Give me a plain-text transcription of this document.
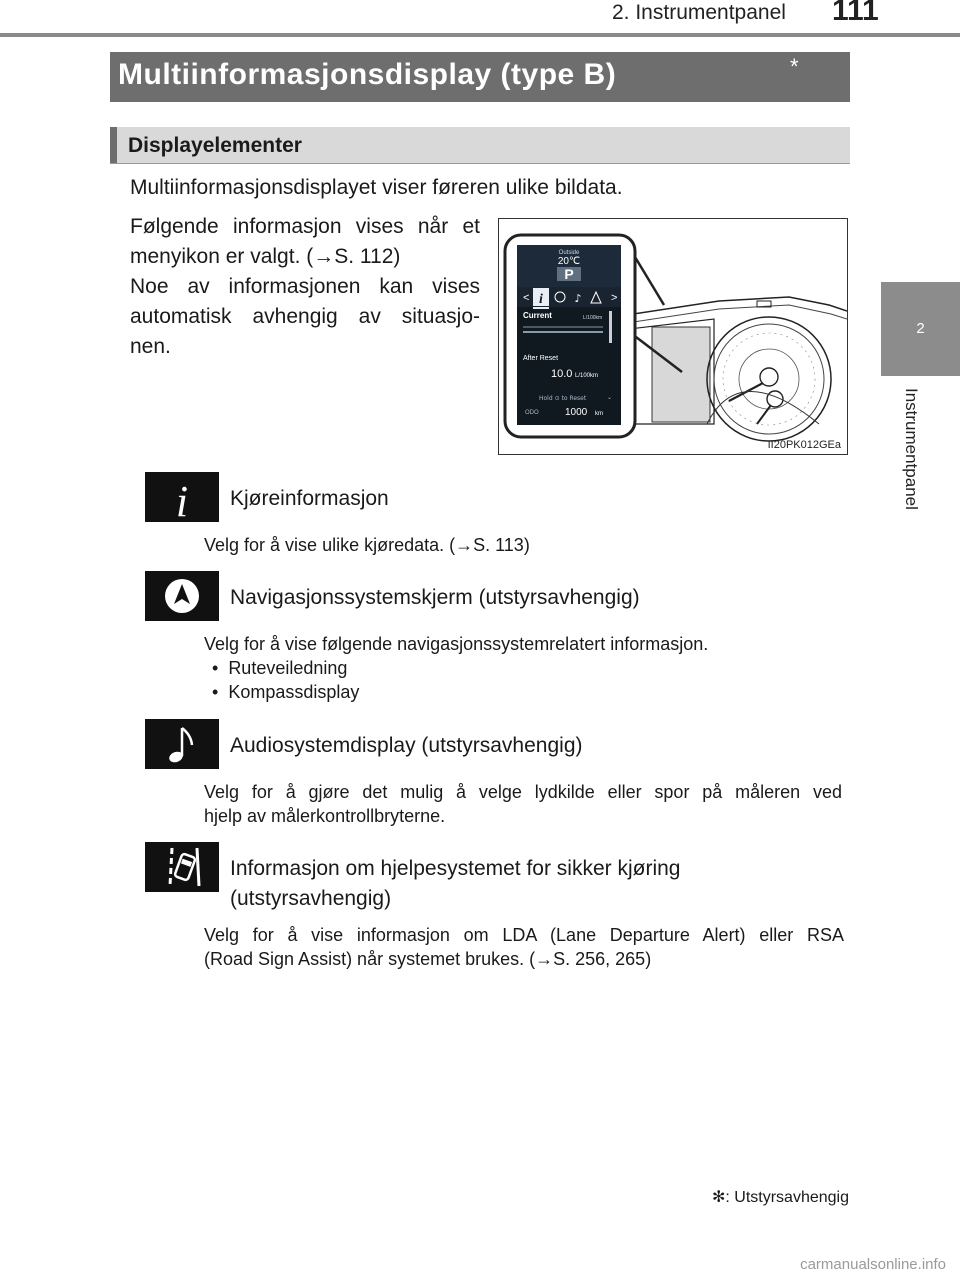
2. Instrumentpanel 111
2
Instrumentpanel
Multiinformasjonsdisplay (type B)	*
Displayelementer
Multiinformasjonsdisplayet viser føreren ulike bildata.
Følgende informasjon vises når et
menyikon er valgt. (→S. 112)
Noe av informasjonen kan vises
automatisk avhengig av situasjo-
nen.
Outside
20℃
P
<	>
i	♪
Current	L/100km
After Reset
10.0 L/100km
Hold ⊙ to Reset	⌄
ODO	1000 km
II20PK012GEa
i Kjøreinformasjon
Velg for å vise ulike kjøredata. (→S. 113)
Navigasjonssystemskjerm (utstyrsavhengig)
Velg for å vise følgende navigasjonssystemrelatert informasjon.
•  Ruteveiledning
•  Kompassdisplay
Audiosystemdisplay (utstyrsavhengig)
Velg for å gjøre det mulig å velge lydkilde eller spor på måleren ved
hjelp av målerkontrollbryterne.
Informasjon om hjelpesystemet for sikker kjøring
(utstyrsavhengig)
Velg for å vise informasjon om LDA (Lane Departure Alert) eller RSA
(Road Sign Assist) når systemet brukes. (→S. 256, 265)
✻: Utstyrsavhengig
carmanualsonline.info
